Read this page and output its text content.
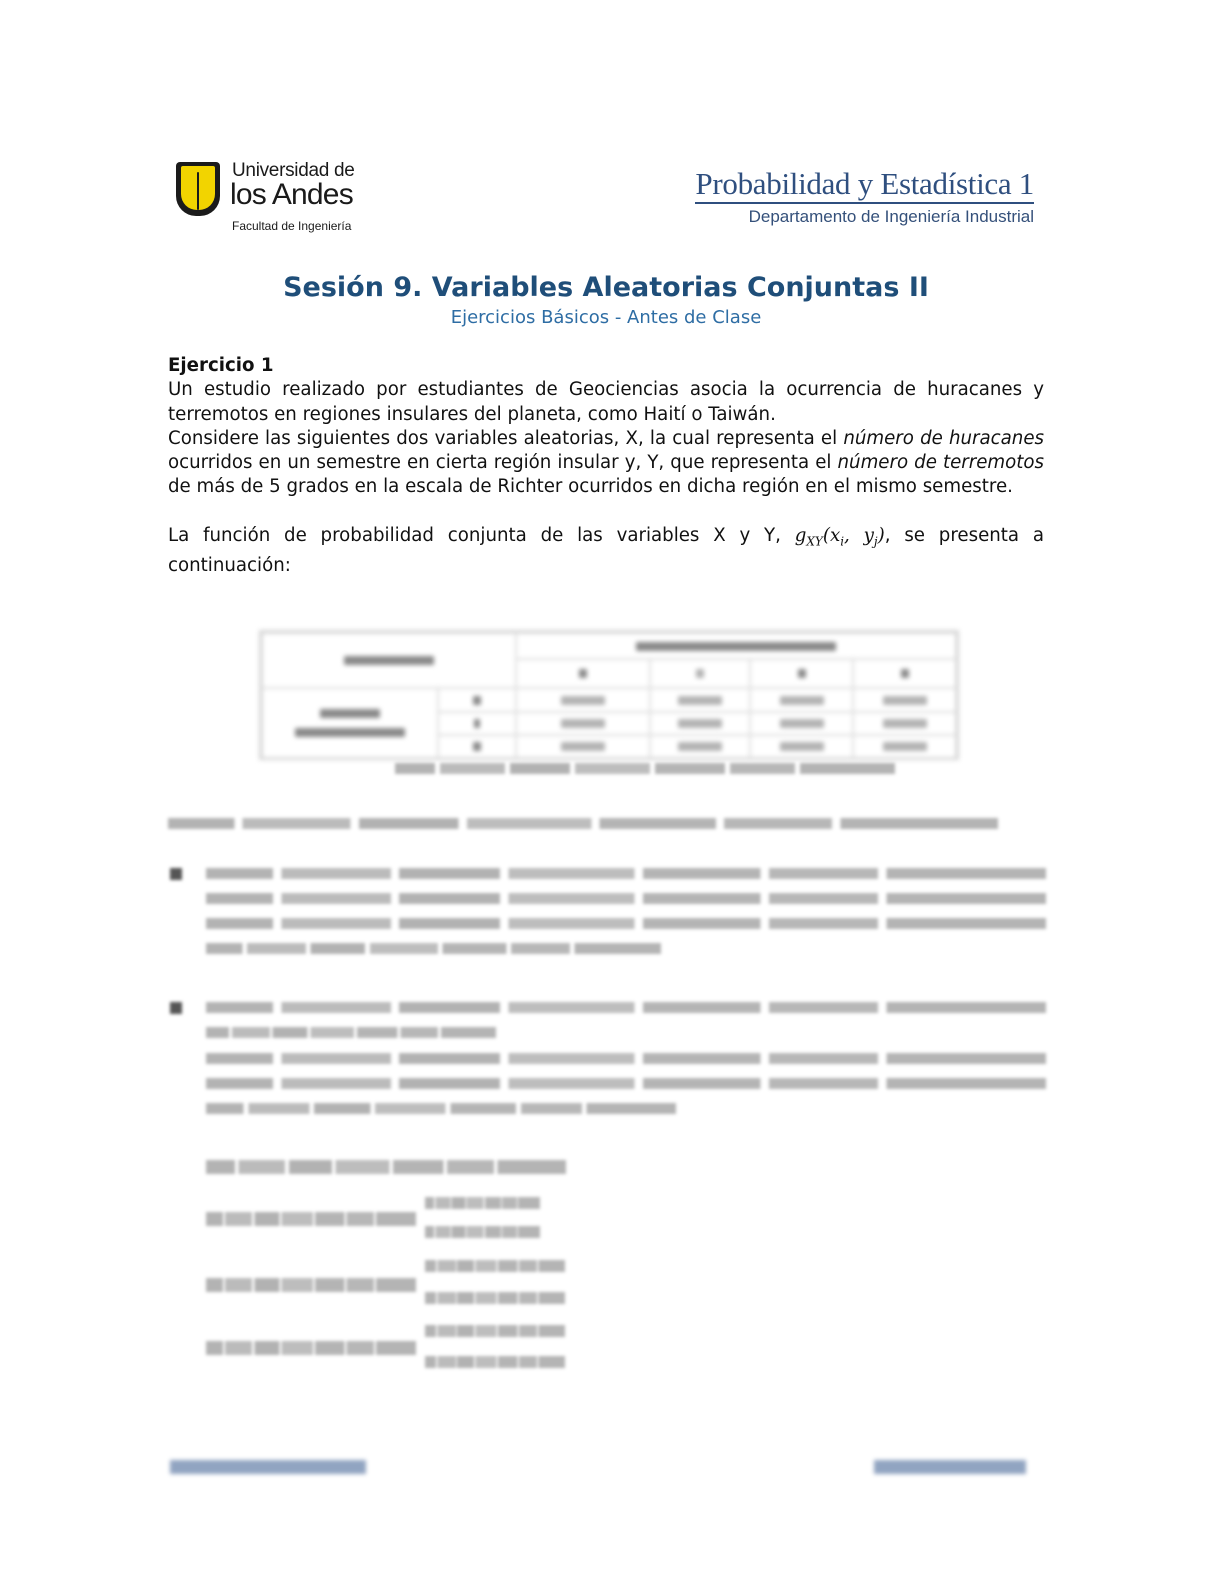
Universidad de
los Andes
Facultad de Ingeniería
Probabilidad y Estadística 1
Departamento de Ingeniería Industrial
Sesión 9. Variables Aleatorias Conjuntas II
Ejercicios Básicos - Antes de Clase
Ejercicio 1

Un estudio realizado por estudiantes de Geociencias asocia la ocurrencia de huracanes y terremotos en regiones insulares del planeta, como Haití o Taiwán.

Considere las siguientes dos variables aleatorias, X, la cual representa el número de huracanes ocurridos en un semestre en cierta región insular y, Y, que representa el número de terremotos de más de 5 grados en la escala de Richter ocurridos en dicha región en el mismo semestre.

La función de probabilidad conjunta de las variables X y Y, $g_{XY}(x_i$, $y_j$), se presenta a continuación:
